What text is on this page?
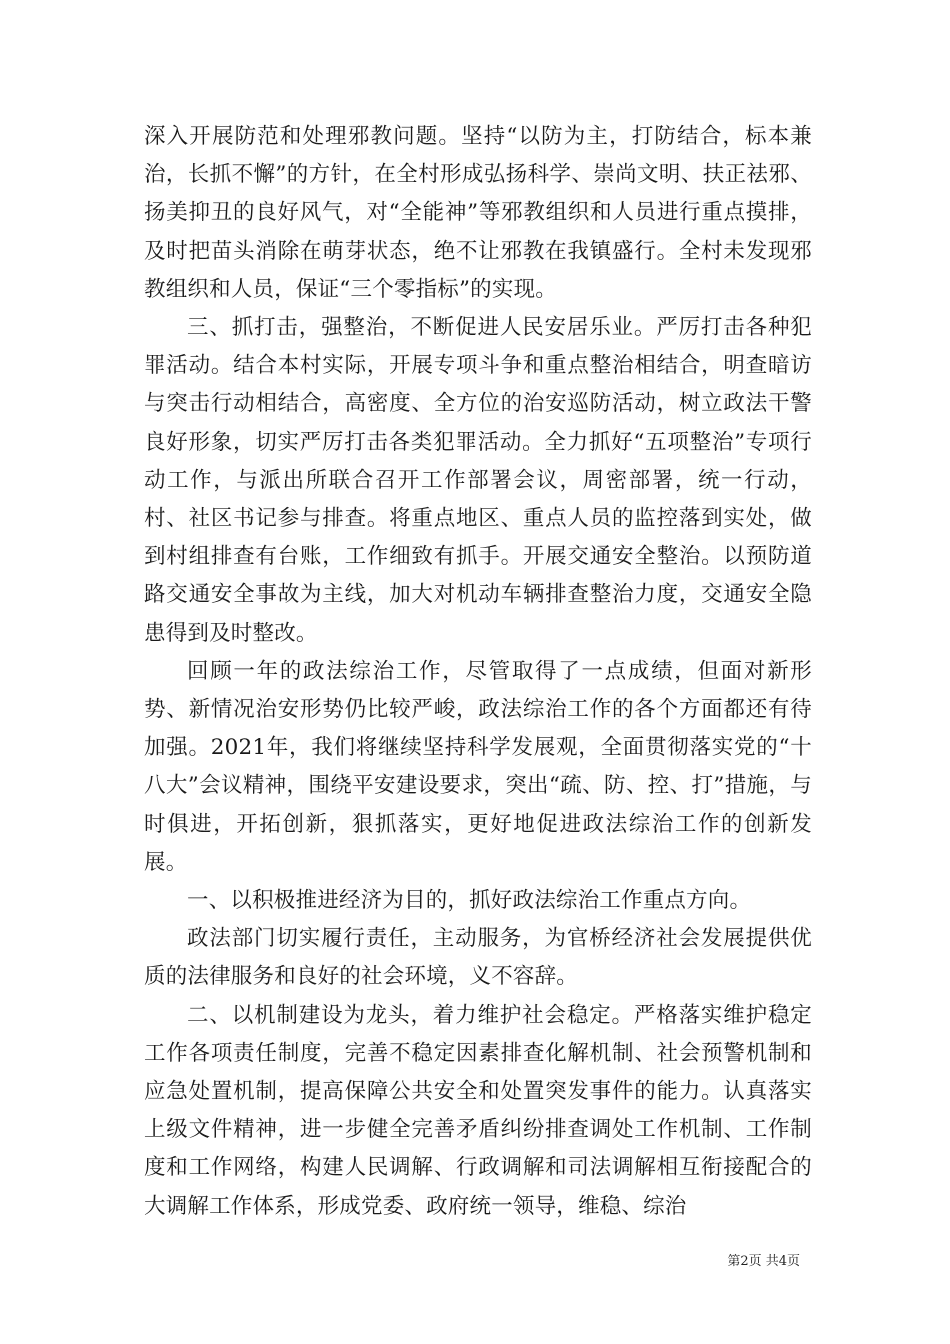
深入开展防范和处理邪教问题。坚持“以防为主，打防结合，标本兼治，长抓不懈”的方针，在全村形成弘扬科学、崇尚文明、扶正祛邪、扬美抑丑的良好风气，对“全能神”等邪教组织和人员进行重点摸排，及时把苗头消除在萌芽状态，绝不让邪教在我镇盛行。全村未发现邪教组织和人员，保证“三个零指标”的实现。

三、抓打击，强整治，不断促进人民安居乐业。严厉打击各种犯罪活动。结合本村实际，开展专项斗争和重点整治相结合，明查暗访与突击行动相结合，高密度、全方位的治安巡防活动，树立政法干警良好形象，切实严厉打击各类犯罪活动。全力抓好“五项整治”专项行动工作，与派出所联合召开工作部署会议，周密部署，统一行动，村、社区书记参与排查。将重点地区、重点人员的监控落到实处，做到村组排查有台账，工作细致有抓手。开展交通安全整治。以预防道路交通安全事故为主线，加大对机动车辆排查整治力度，交通安全隐患得到及时整改。

回顾一年的政法综治工作，尽管取得了一点成绩，但面对新形势、新情况治安形势仍比较严峻，政法综治工作的各个方面都还有待加强。2021年，我们将继续坚持科学发展观，全面贯彻落实党的“十八大”会议精神，围绕平安建设要求，突出“疏、防、控、打”措施，与时俱进，开拓创新，狠抓落实，更好地促进政法综治工作的创新发展。

一、以积极推进经济为目的，抓好政法综治工作重点方向。

政法部门切实履行责任，主动服务，为官桥经济社会发展提供优质的法律服务和良好的社会环境，义不容辞。

二、以机制建设为龙头，着力维护社会稳定。严格落实维护稳定工作各项责任制度，完善不稳定因素排查化解机制、社会预警机制和应急处置机制，提高保障公共安全和处置突发事件的能力。认真落实上级文件精神，进一步健全完善矛盾纠纷排查调处工作机制、工作制度和工作网络，构建人民调解、行政调解和司法调解相互衔接配合的大调解工作体系，形成党委、政府统一领导，维稳、综治

第2页 共4页
